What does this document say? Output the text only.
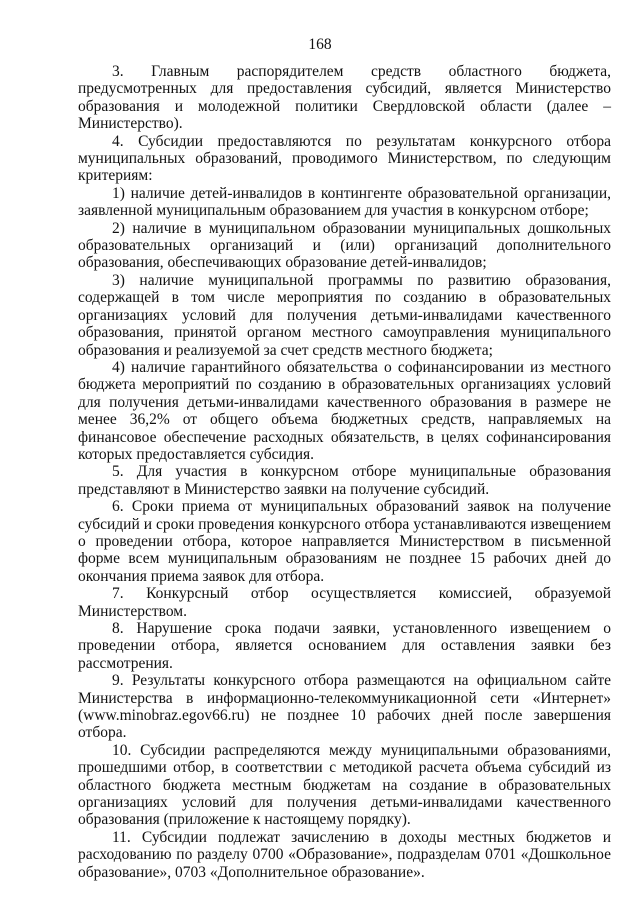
168

3. Главным распорядителем средств областного бюджета, предусмотренных для предоставления субсидий, является Министерство образования и молодежной политики Свердловской области (далее – Министерство).

4. Субсидии предоставляются по результатам конкурсного отбора муниципальных образований, проводимого Министерством, по следующим критериям:

1) наличие детей-инвалидов в контингенте образовательной организации, заявленной муниципальным образованием для участия в конкурсном отборе;

2) наличие в муниципальном образовании муниципальных дошкольных образовательных организаций и (или) организаций дополнительного образования, обеспечивающих образование детей-инвалидов;

3) наличие муниципальной программы по развитию образования, содержащей в том числе мероприятия по созданию в образовательных организациях условий для получения детьми-инвалидами качественного образования, принятой органом местного самоуправления муниципального образования и реализуемой за счет средств местного бюджета;

4) наличие гарантийного обязательства о софинансировании из местного бюджета мероприятий по созданию в образовательных организациях условий для получения детьми-инвалидами качественного образования в размере не менее 36,2% от общего объема бюджетных средств, направляемых на финансовое обеспечение расходных обязательств, в целях софинансирования которых предоставляется субсидия.

5. Для участия в конкурсном отборе муниципальные образования представляют в Министерство заявки на получение субсидий.

6. Сроки приема от муниципальных образований заявок на получение субсидий и сроки проведения конкурсного отбора устанавливаются извещением о проведении отбора, которое направляется Министерством в письменной форме всем муниципальным образованиям не позднее 15 рабочих дней до окончания приема заявок для отбора.

7. Конкурсный отбор осуществляется комиссией, образуемой Министерством.

8. Нарушение срока подачи заявки, установленного извещением о проведении отбора, является основанием для оставления заявки без рассмотрения.

9. Результаты конкурсного отбора размещаются на официальном сайте Министерства в информационно-телекоммуникационной сети «Интернет» (www.minobraz.egov66.ru) не позднее 10 рабочих дней после завершения отбора.

10. Субсидии распределяются между муниципальными образованиями, прошедшими отбор, в соответствии с методикой расчета объема субсидий из областного бюджета местным бюджетам на создание в образовательных организациях условий для получения детьми-инвалидами качественного образования (приложение к настоящему порядку).

11. Субсидии подлежат зачислению в доходы местных бюджетов и расходованию по разделу 0700 «Образование», подразделам 0701 «Дошкольное образование», 0703 «Дополнительное образование».
